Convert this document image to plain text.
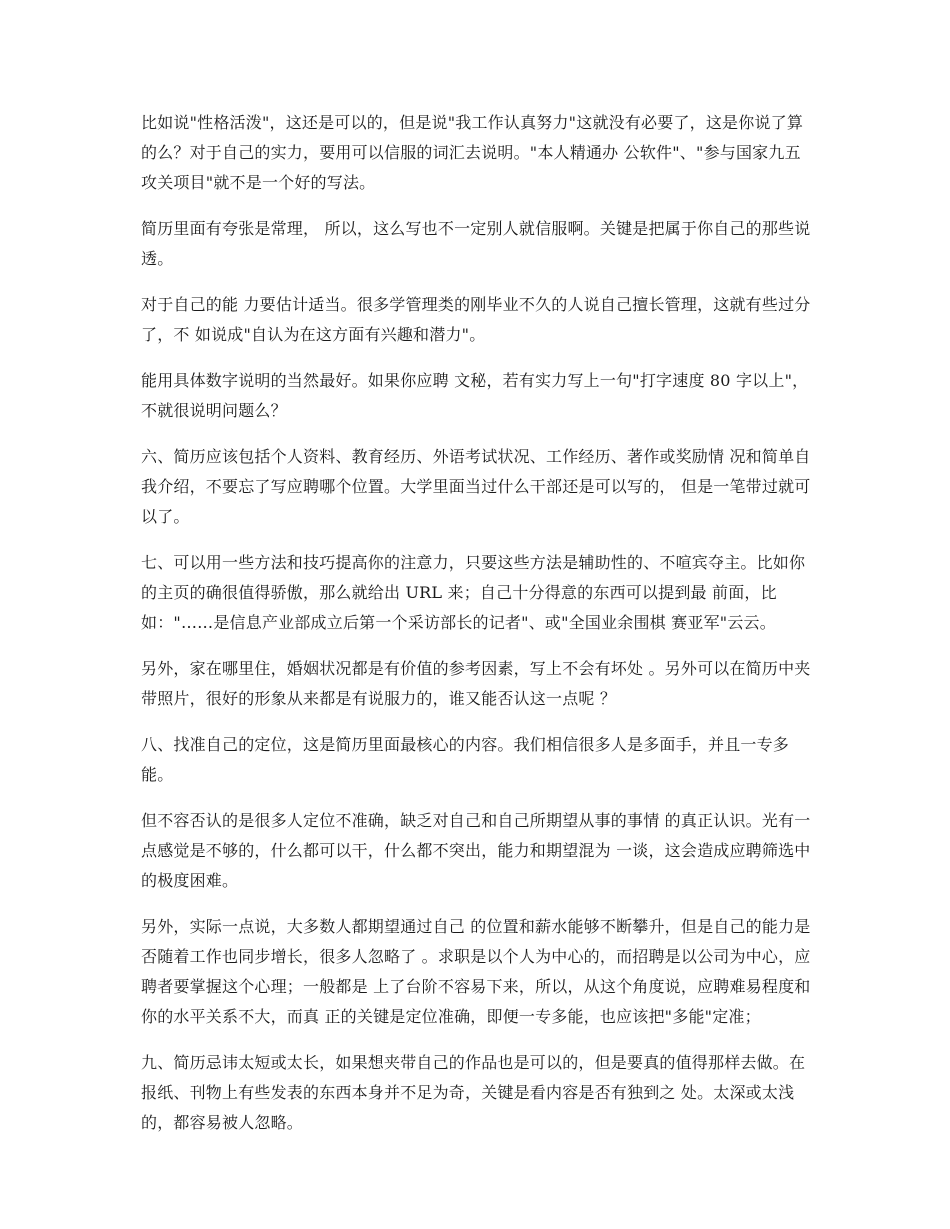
比如说"性格活泼"，这还是可以的，但是说"我工作认真努力"这就没有必要了，这是你说了算的么？对于自己的实力，要用可以信服的词汇去说明。"本人精通办 公软件"、"参与国家九五攻关项目"就不是一个好的写法。

简历里面有夸张是常理， 所以，这么写也不一定别人就信服啊。关键是把属于你自己的那些说透。

对于自己的能 力要估计适当。很多学管理类的刚毕业不久的人说自己擅长管理，这就有些过分了，不 如说成"自认为在这方面有兴趣和潜力"。

能用具体数字说明的当然最好。如果你应聘 文秘，若有实力写上一句"打字速度 80 字以上"，不就很说明问题么？

六、简历应该包括个人资料、教育经历、外语考试状况、工作经历、著作或奖励情 况和简单自我介绍，不要忘了写应聘哪个位置。大学里面当过什么干部还是可以写的， 但是一笔带过就可以了。

七、可以用一些方法和技巧提高你的注意力，只要这些方法是辅助性的、不喧宾夺主。比如你的主页的确很值得骄傲，那么就给出 URL 来；自己十分得意的东西可以提到最 前面，比如："……是信息产业部成立后第一个采访部长的记者"、或"全国业余围棋 赛亚军"云云。

另外，家在哪里住，婚姻状况都是有价值的参考因素，写上不会有坏处 。另外可以在简历中夹带照片，很好的形象从来都是有说服力的，谁又能否认这一点呢 ？

八、找准自己的定位，这是简历里面最核心的内容。我们相信很多人是多面手，并且一专多能。

但不容否认的是很多人定位不准确，缺乏对自己和自己所期望从事的事情 的真正认识。光有一点感觉是不够的，什么都可以干，什么都不突出，能力和期望混为 一谈，这会造成应聘筛选中的极度困难。

另外，实际一点说，大多数人都期望通过自己 的位置和薪水能够不断攀升，但是自己的能力是否随着工作也同步增长，很多人忽略了 。求职是以个人为中心的，而招聘是以公司为中心，应聘者要掌握这个心理；一般都是 上了台阶不容易下来，所以，从这个角度说，应聘难易程度和你的水平关系不大，而真 正的关键是定位准确，即便一专多能，也应该把"多能"定准；

九、简历忌讳太短或太长，如果想夹带自己的作品也是可以的，但是要真的值得那样去做。在报纸、刊物上有些发表的东西本身并不足为奇，关键是看内容是否有独到之 处。太深或太浅的，都容易被人忽略。
